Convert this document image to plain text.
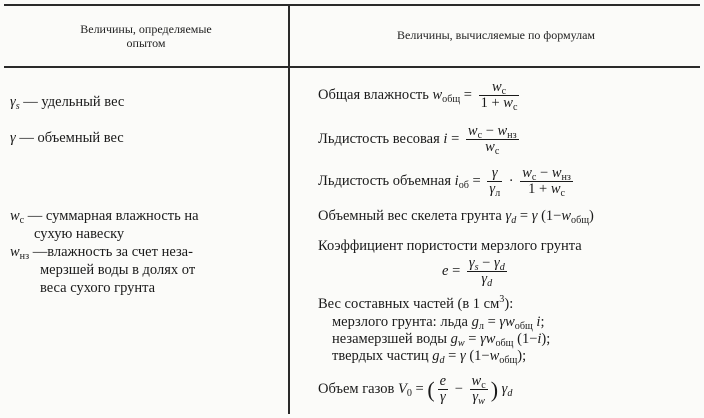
Величины, определяемые
опытом
Величины, вычисляемые по формулам
$\gamma_s$ — удельный вес
γ — объемный вес
$w_с$ — суммарная влажность на
сухую навеску
$w_{нз}$ —влажность за счет неза-
мерзшей воды в долях от
веса сухого грунта
Общая влажность $w_{общ} = \frac{w_с}{1 + w_с}$
Льдистость весовая $i = \frac{w_с - w_{нз}}{w_с}$
Льдистость объемная $i_{об} = \frac{\gamma}{\gamma_л} \cdot \frac{w_с - w_{нз}}{1 + w_с}$
Объемный вес скелета грунта $\gamma_d = \gamma$ $(1-w_{общ})$
Коэффициент пористости мерзлого грунта
$e = \frac{\gamma_s - \gamma_d}{\gamma_d}$
Вес составных частей (в 1 $см^3$):
мерзлого грунта: льда $g_л = \gamma w_{общ}$ i;
незамерзшей воды $g_w = \gamma w_{общ}$ (1−i);
твердых частиц $g_d = \gamma$ $(1-w_{общ})$;
Объем газов $V_0$ = ( $\frac{e}{\gamma} - \frac{w_с}{\gamma_w}$ ) $\gamma_d$
